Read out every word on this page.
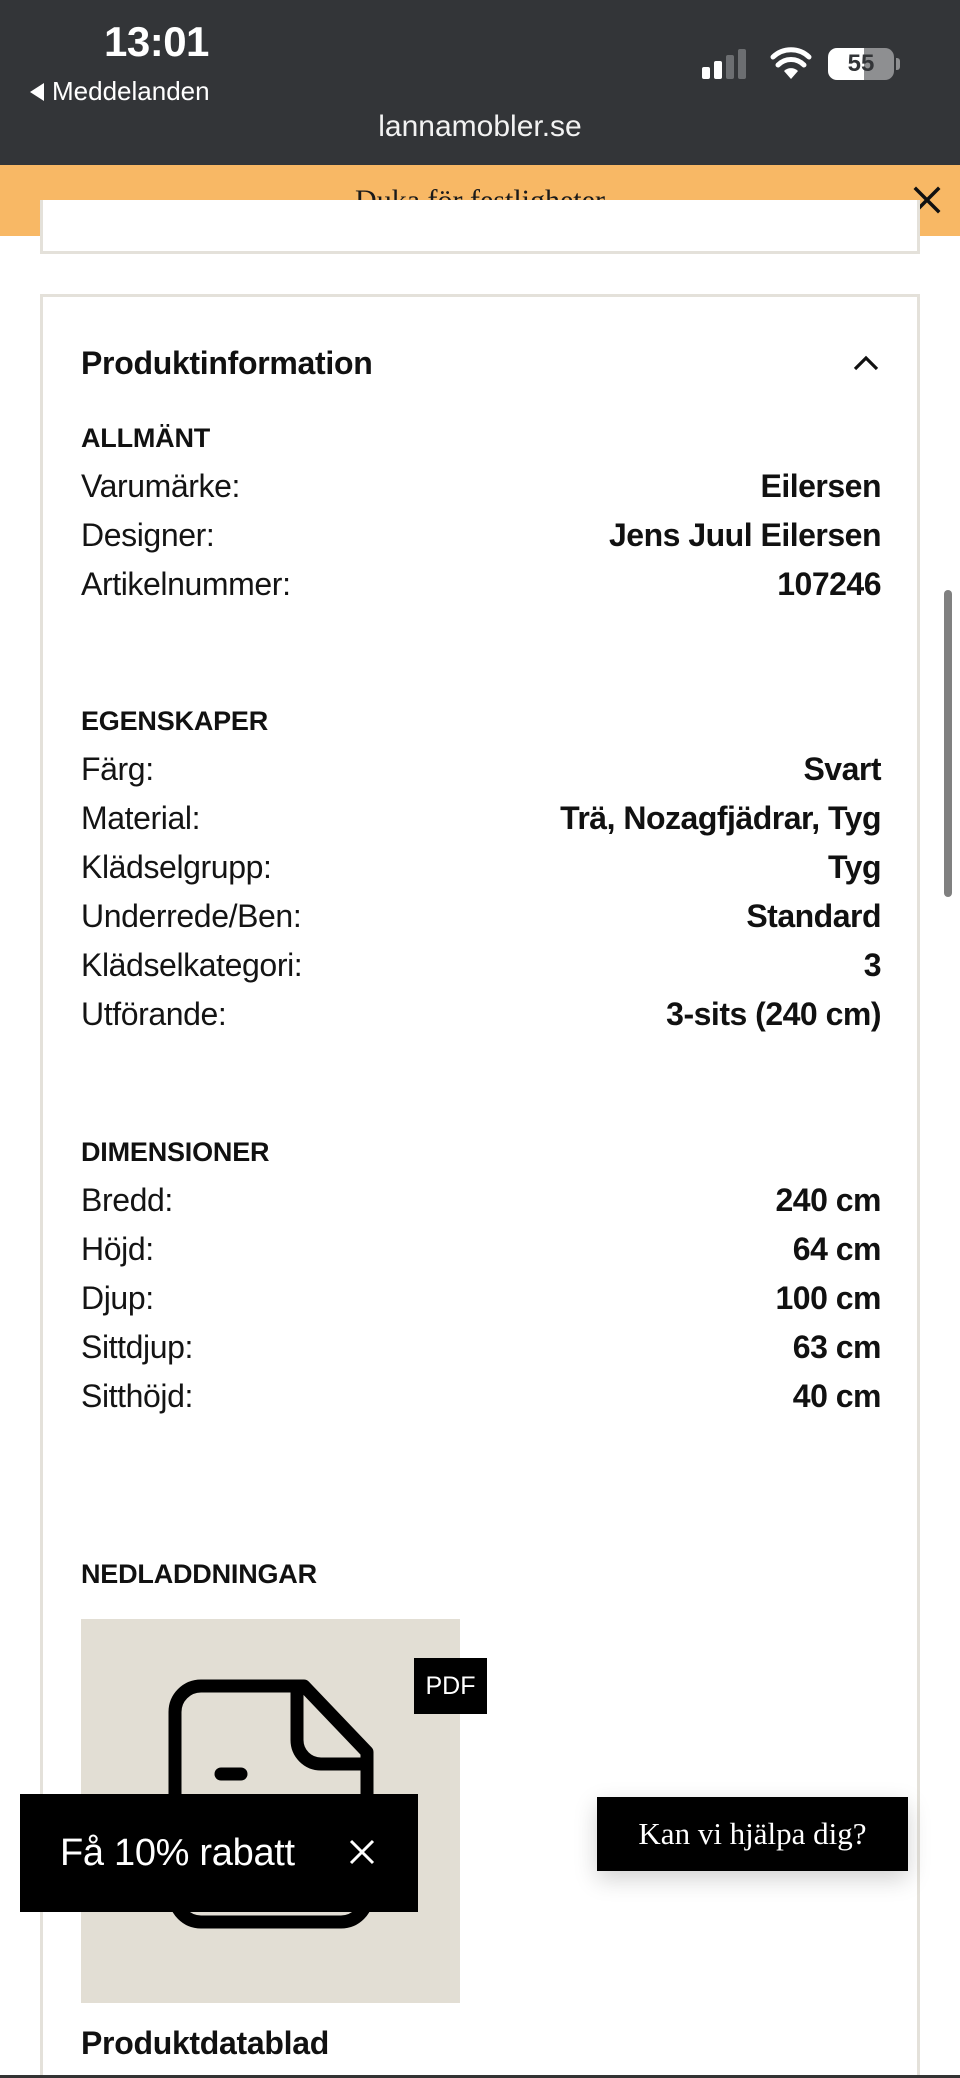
13:01
Meddelanden
55
lannamobler.se
Produktinformation
ALLMÄNT
Varumärke:	Eilersen
Designer:	Jens Juul Eilersen
Artikelnummer:	107246
EGENSKAPER
Färg:	Svart
Material:	Trä, Nozagfjädrar, Tyg
Klädselgrupp:	Tyg
Underrede/Ben:	Standard
Klädselkategori:	3
Utförande:	3-sits (240 cm)
DIMENSIONER
Bredd:	240 cm
Höjd:	64 cm
Djup:	100 cm
Sittdjup:	63 cm
Sitthöjd:	40 cm
NEDLADDNINGAR
PDF
Produktdatablad
Få 10% rabatt	Kan vi hjälpa dig?
